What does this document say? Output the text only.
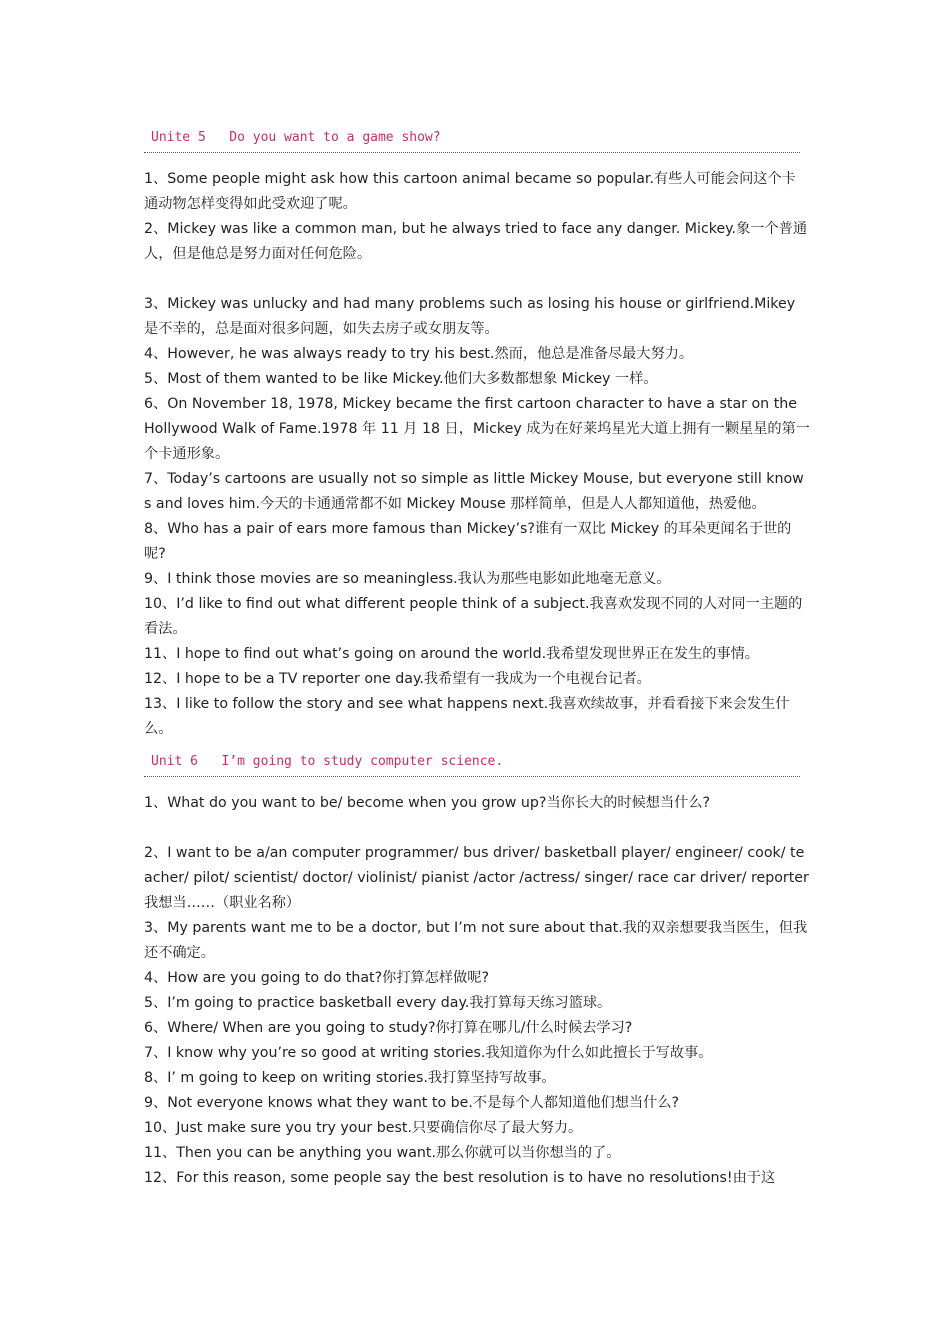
Unite 5   Do you want to a game show?

1、Some people might ask how this cartoon animal became so popular.有些人可能会问这个卡通动物怎样变得如此受欢迎了呢。

2、Mickey was like a common man, but he always tried to face any danger. Mickey.象一个普通人，但是他总是努力面对任何危险。

3、Mickey was unlucky and had many problems such as losing his house or girlfriend.Mikey 是不幸的，总是面对很多问题，如失去房子或女朋友等。

4、However, he was always ready to try his best.然而，他总是准备尽最大努力。

5、Most of them wanted to be like Mickey.他们大多数都想象 Mickey 一样。

6、On November 18, 1978, Mickey became the first cartoon character to have a star on the Hollywood Walk of Fame.1978 年 11 月 18 日，Mickey 成为在好莱坞星光大道上拥有一颗星星的第一个卡通形象。

7、Today’s cartoons are usually not so simple as little Mickey Mouse, but everyone still knows and loves him.今天的卡通通常都不如 Mickey Mouse 那样简单，但是人人都知道他，热爱他。

8、Who has a pair of ears more famous than Mickey’s?谁有一双比 Mickey 的耳朵更闻名于世的呢?

9、I think those movies are so meaningless.我认为那些电影如此地毫无意义。

10、I’d like to find out what different people think of a subject.我喜欢发现不同的人对同一主题的看法。

11、I hope to find out what’s going on around the world.我希望发现世界正在发生的事情。

12、I hope to be a TV reporter one day.我希望有一我成为一个电视台记者。

13、I like to follow the story and see what happens next.我喜欢续故事，并看看接下来会发生什么。

Unit 6   I’m going to study computer science.

1、What do you want to be/ become when you grow up?当你长大的时候想当什么?

2、I want to be a/an computer programmer/ bus driver/ basketball player/ engineer/ cook/ teacher/ pilot/ scientist/ doctor/ violinist/ pianist /actor /actress/ singer/ race car driver/ reporter 我想当……（职业名称）

3、My parents want me to be a doctor, but I’m not sure about that.我的双亲想要我当医生，但我还不确定。

4、How are you going to do that?你打算怎样做呢?

5、I’m going to practice basketball every day.我打算每天练习篮球。

6、Where/ When are you going to study?你打算在哪儿/什么时候去学习?

7、I know why you’re so good at writing stories.我知道你为什么如此擅长于写故事。

8、I’ m going to keep on writing stories.我打算坚持写故事。

9、Not everyone knows what they want to be.不是每个人都知道他们想当什么?

10、Just make sure you try your best.只要确信你尽了最大努力。

11、Then you can be anything you want.那么你就可以当你想当的了。

12、For this reason, some people say the best resolution is to have no resolutions!由于这
